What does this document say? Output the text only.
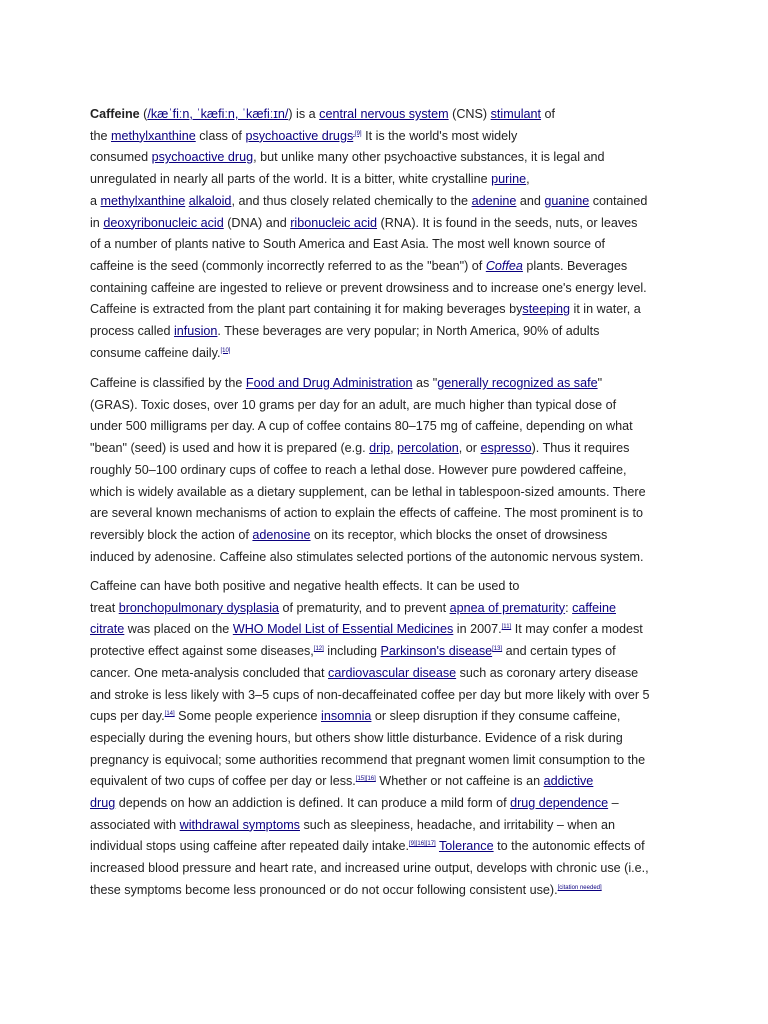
Caffeine (/kæˈfiːn, ˈkæfiːn, ˈkæfiːɪn/) is a central nervous system (CNS) stimulant of
the methylxanthine class of psychoactive drugs$^{.[9]}$ It is the world's most widely
consumed psychoactive drug, but unlike many other psychoactive substances, it is legal and
unregulated in nearly all parts of the world. It is a bitter, white crystalline purine,
a methylxanthine alkaloid, and thus closely related chemically to the adenine and guanine contained
in deoxyribonucleic acid (DNA) and ribonucleic acid (RNA). It is found in the seeds, nuts, or leaves
of a number of plants native to South America and East Asia. The most well known source of
caffeine is the seed (commonly incorrectly referred to as the "bean") of Coffea plants. Beverages
containing caffeine are ingested to relieve or prevent drowsiness and to increase one's energy level.
Caffeine is extracted from the plant part containing it for making beverages bysteeping it in water, a
process called infusion. These beverages are very popular; in North America, 90% of adults
consume caffeine daily.[10]
Caffeine is classified by the Food and Drug Administration as "generally recognized as safe"
(GRAS). Toxic doses, over 10 grams per day for an adult, are much higher than typical dose of
under 500 milligrams per day. A cup of coffee contains 80–175 mg of caffeine, depending on what
"bean" (seed) is used and how it is prepared (e.g. drip, percolation, or espresso). Thus it requires
roughly 50–100 ordinary cups of coffee to reach a lethal dose. However pure powdered caffeine,
which is widely available as a dietary supplement, can be lethal in tablespoon-sized amounts. There
are several known mechanisms of action to explain the effects of caffeine. The most prominent is to
reversibly block the action of adenosine on its receptor, which blocks the onset of drowsiness
induced by adenosine. Caffeine also stimulates selected portions of the autonomic nervous system.
Caffeine can have both positive and negative health effects. It can be used to
treat bronchopulmonary dysplasia of prematurity, and to prevent apnea of prematurity: caffeine
citrate was placed on the WHO Model List of Essential Medicines in 2007.[11] It may confer a modest
protective effect against some diseases,[12] including Parkinson's disease[13] and certain types of
cancer. One meta-analysis concluded that cardiovascular disease such as coronary artery disease
and stroke is less likely with 3–5 cups of non-decaffeinated coffee per day but more likely with over 5
cups per day.[14] Some people experience insomnia or sleep disruption if they consume caffeine,
especially during the evening hours, but others show little disturbance. Evidence of a risk during
pregnancy is equivocal; some authorities recommend that pregnant women limit consumption to the
equivalent of two cups of coffee per day or less.[15][16] Whether or not caffeine is an addictive
drug depends on how an addiction is defined. It can produce a mild form of drug dependence –
associated with withdrawal symptoms such as sleepiness, headache, and irritability – when an
individual stops using caffeine after repeated daily intake.[9][16][17] Tolerance to the autonomic effects of
increased blood pressure and heart rate, and increased urine output, develops with chronic use (i.e.,
these symptoms become less pronounced or do not occur following consistent use).[citation needed]
